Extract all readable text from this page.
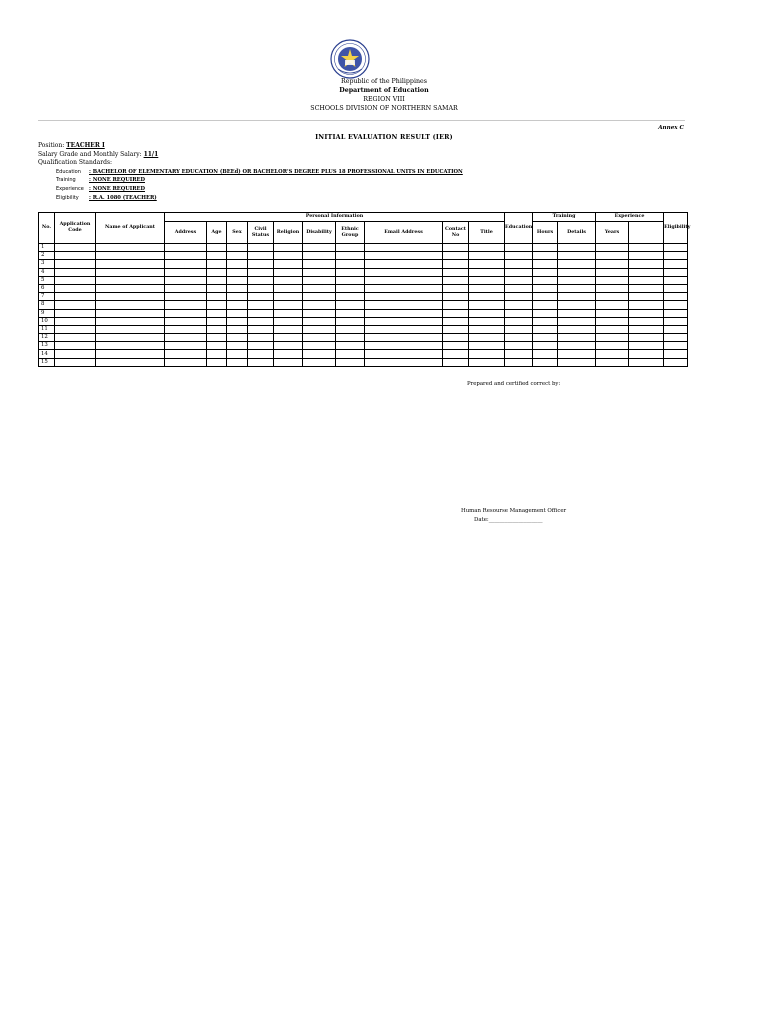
Republic of the Philippines
Department of Education
REGION VIII
SCHOOLS DIVISION OF NORTHERN SAMAR
Annex C
INITIAL EVALUATION RESULT (IER)
Position: TEACHER I
Salary Grade and Monthly Salary: 11/1
Qualification Standards:
Education : BACHELOR OF ELEMENTARY EDUCATION (BEEd) OR BACHELOR'S DEGREE PLUS 18 PROFESSIONAL UNITS IN EDUCATION
Training	: NONE REQUIRED
Experience : NONE REQUIRED
Eligibility : R.A. 1080 (TEACHER)
No.	Application Code	Name of Applicant	Personal Information										Education	Training		Experience		Eligibility	
			Address	Age	Sex	Civil Status	Religion	Disability	Ethnic Group	Email Address	Contact No	Title		Hours	Details	Years			
1																			
2																			
3																			
4																			
5																			
6																			
7																			
8																			
9																			
10																			
11																			
12																			
13																			
14																			
15																			
Prepared and certified correct by:
Human Resourse Management Officer
Date:____________________
